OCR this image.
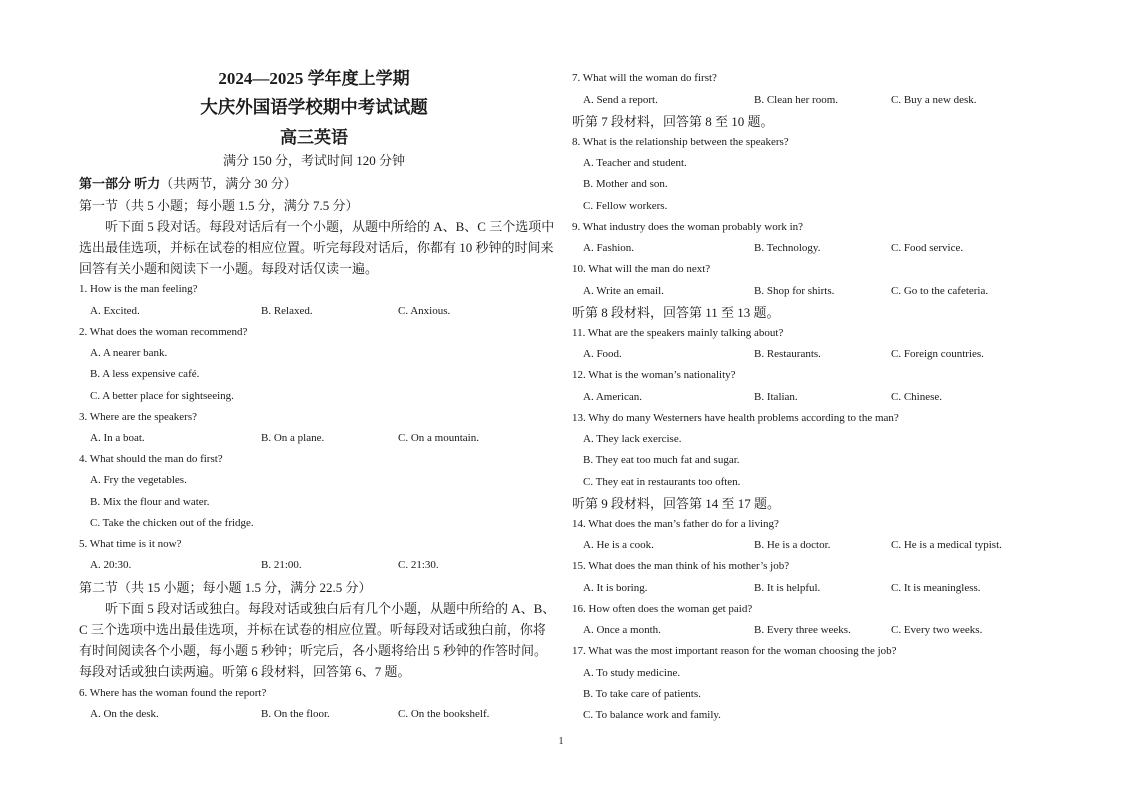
2024—2025 学年度上学期
大庆外国语学校期中考试试题
高三英语
满分 150 分，考试时间 120 分钟
第一部分 听力（共两节，满分 30 分）
第一节（共 5 小题；每小题 1.5 分，满分 7.5 分）
听下面 5 段对话。每段对话后有一个小题，从题中所给的 A、B、C 三个选项中
选出最佳选项，并标在试卷的相应位置。听完每段对话后，你都有 10 秒钟的时间来
回答有关小题和阅读下一小题。每段对话仅读一遍。
1. How is the man feeling?
A. Excited.	B. Relaxed.	C. Anxious.
2. What does the woman recommend?
A. A nearer bank.
B. A less expensive café.
C. A better place for sightseeing.
3. Where are the speakers?
A. In a boat.	B. On a plane.	C. On a mountain.
4. What should the man do first?
A. Fry the vegetables.
B. Mix the flour and water.
C. Take the chicken out of the fridge.
5. What time is it now?
A. 20:30.	B. 21:00.	C. 21:30.
第二节（共 15 小题；每小题 1.5 分，满分 22.5 分）
听下面 5 段对话或独白。每段对话或独白后有几个小题，从题中所给的 A、B、
C 三个选项中选出最佳选项，并标在试卷的相应位置。听每段对话或独白前，你将
有时间阅读各个小题，每小题 5 秒钟；听完后，各小题将给出 5 秒钟的作答时间。
每段对话或独白读两遍。听第 6 段材料，回答第 6、7 题。
6. Where has the woman found the report?
A. On the desk.	B. On the floor.	C. On the bookshelf.
7. What will the woman do first?
A. Send a report.	B. Clean her room.	C. Buy a new desk.
听第 7 段材料，回答第 8 至 10 题。
8. What is the relationship between the speakers?
A. Teacher and student.
B. Mother and son.
C. Fellow workers.
9. What industry does the woman probably work in?
A. Fashion.	B. Technology.	C. Food service.
10. What will the man do next?
A. Write an email.	B. Shop for shirts.	C. Go to the cafeteria.
听第 8 段材料，回答第 11 至 13 题。
11. What are the speakers mainly talking about?
A. Food.	B. Restaurants.	C. Foreign countries.
12. What is the woman’s nationality?
A. American.	B. Italian.	C. Chinese.
13. Why do many Westerners have health problems according to the man?
A. They lack exercise.
B. They eat too much fat and sugar.
C. They eat in restaurants too often.
听第 9 段材料，回答第 14 至 17 题。
14. What does the man’s father do for a living?
A. He is a cook.	B. He is a doctor.	C. He is a medical typist.
15. What does the man think of his mother’s job?
A. It is boring.	B. It is helpful.	C. It is meaningless.
16. How often does the woman get paid?
A. Once a month.	B. Every three weeks.	C. Every two weeks.
17. What was the most important reason for the woman choosing the job?
A. To study medicine.
B. To take care of patients.
C. To balance work and family.
1
